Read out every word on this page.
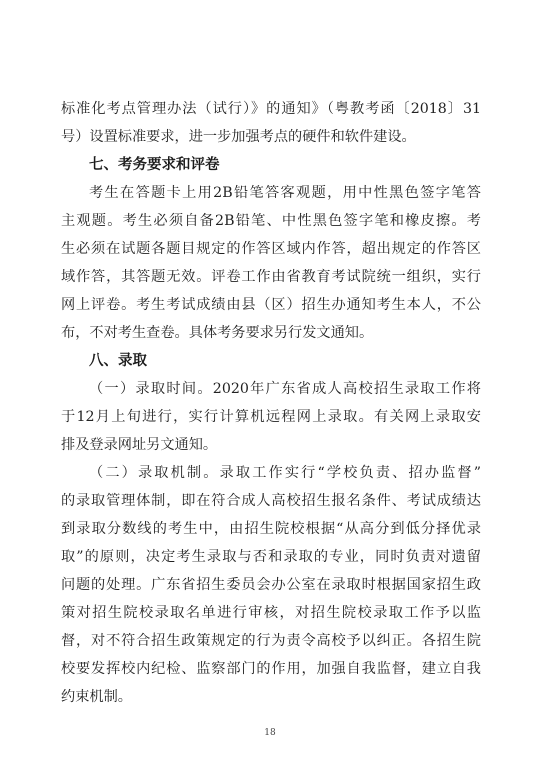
标准化考点管理办法（试行）》的通知》（粤教考函〔2018〕31
号）设置标准要求，进一步加强考点的硬件和软件建设。
七、考务要求和评卷
考生在答题卡上用2B铅笔答客观题，用中性黑色签字笔答
主观题。考生必须自备2B铅笔、中性黑色签字笔和橡皮擦。考
生必须在试题各题目规定的作答区域内作答，超出规定的作答区
域作答，其答题无效。评卷工作由省教育考试院统一组织，实行
网上评卷。考生考试成绩由县（区）招生办通知考生本人，不公
布，不对考生查卷。具体考务要求另行发文通知。
八、录取
（一）录取时间。2020年广东省成人高校招生录取工作将
于12月上旬进行，实行计算机远程网上录取。有关网上录取安
排及登录网址另文通知。
（二）录取机制。录取工作实行“学校负责、招办监督”
的录取管理体制，即在符合成人高校招生报名条件、考试成绩达
到录取分数线的考生中，由招生院校根据“从高分到低分择优录
取”的原则，决定考生录取与否和录取的专业，同时负责对遗留
问题的处理。广东省招生委员会办公室在录取时根据国家招生政
策对招生院校录取名单进行审核，对招生院校录取工作予以监
督，对不符合招生政策规定的行为责令高校予以纠正。各招生院
校要发挥校内纪检、监察部门的作用，加强自我监督，建立自我
约束机制。
18
